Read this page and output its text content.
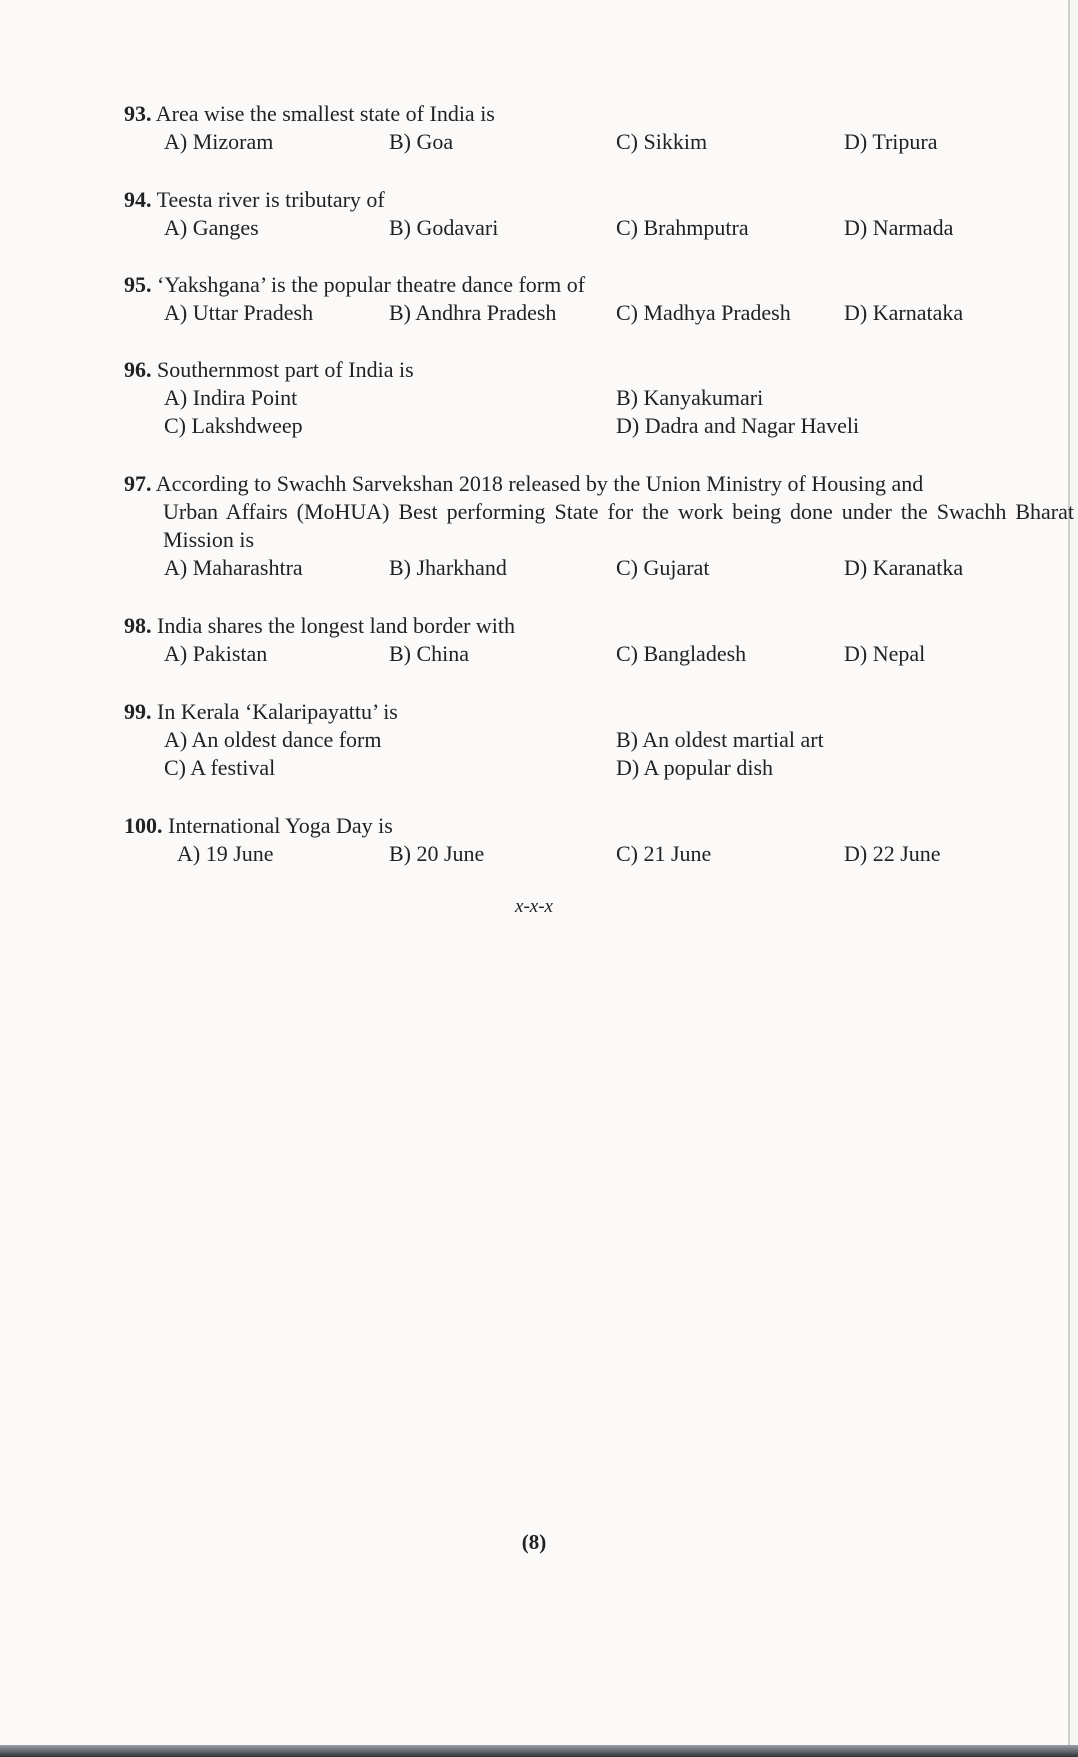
93. Area wise the smallest state of India is
A) Mizoram	B) Goa	C) Sikkim	D) Tripura
94. Teesta river is tributary of
A) Ganges	B) Godavari	C) Brahmputra	D) Narmada
95. ‘Yakshgana’ is the popular theatre dance form of
A) Uttar Pradesh	B) Andhra Pradesh	C) Madhya Pradesh D) Karnataka
96. Southernmost part of India is
A) Indira Point	B) Kanyakumari
C) Lakshdweep	D) Dadra and Nagar Haveli
97. According to Swachh Sarvekshan 2018 released by the Union Ministry of Housing and
Urban Affairs (MoHUA) Best performing State for the work being done under the Swachh Bharat Mission is
A) Maharashtra	B) Jharkhand	C) Gujarat	D) Karanatka
98. India shares the longest land border with
A) Pakistan	B) China	C) Bangladesh	D) Nepal
99. In Kerala ‘Kalaripayattu’ is
A) An oldest dance form	B) An oldest martial art
C) A festival	D) A popular dish
100. International Yoga Day is
A) 19 June	B) 20 June	C) 21 June	D) 22 June
x-x-x
(8)
